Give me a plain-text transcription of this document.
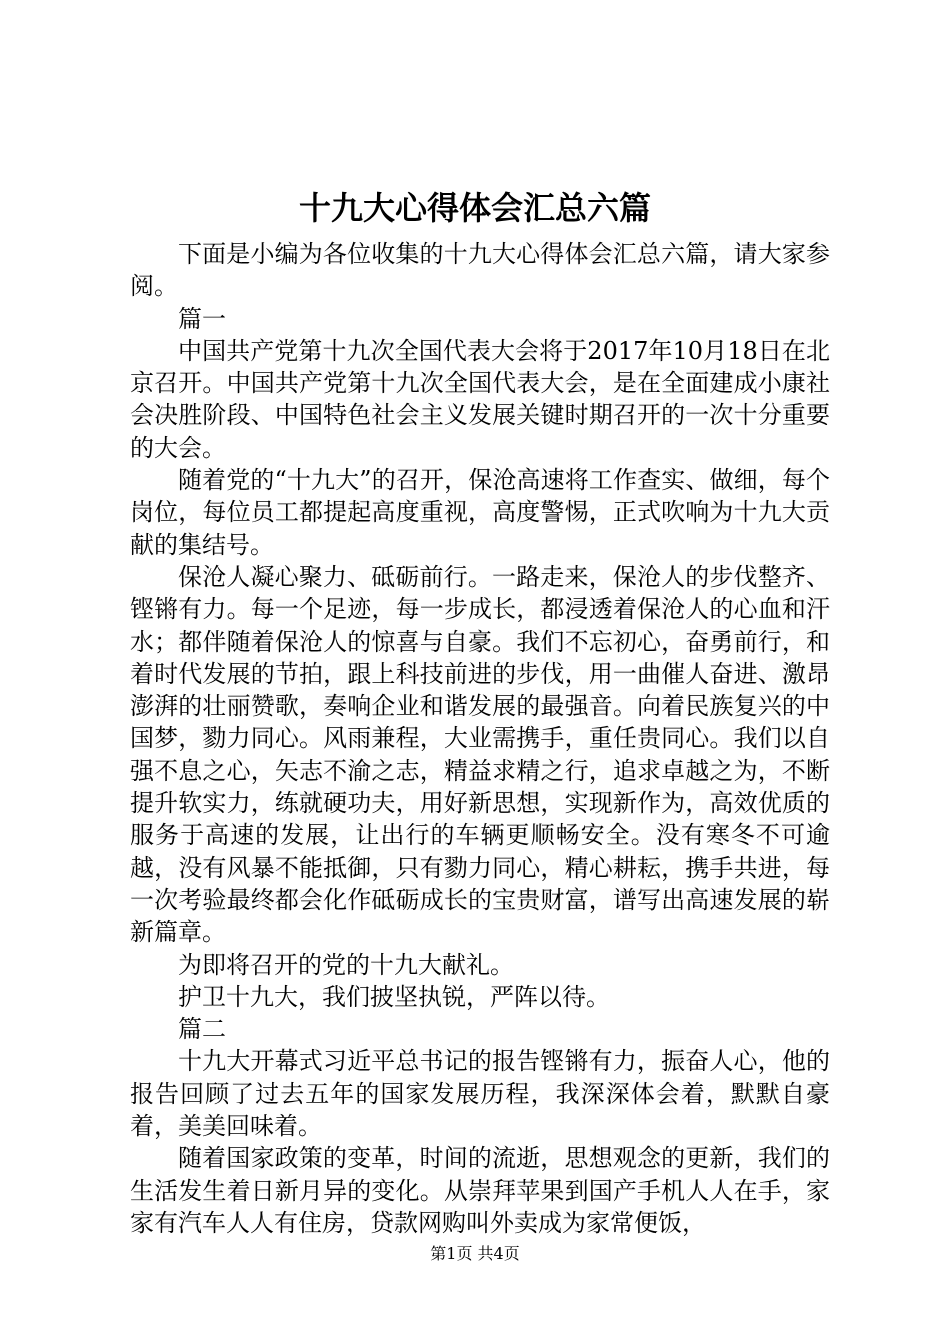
十九大心得体会汇总六篇

下面是小编为各位收集的十九大心得体会汇总六篇，请大家参阅。

篇一

中国共产党第十九次全国代表大会将于2017年10月18日在北京召开。中国共产党第十九次全国代表大会，是在全面建成小康社会决胜阶段、中国特色社会主义发展关键时期召开的一次十分重要的大会。

随着党的“十九大”的召开，保沧高速将工作查实、做细，每个岗位，每位员工都提起高度重视，高度警惕，正式吹响为十九大贡献的集结号。

保沧人凝心聚力、砥砺前行。一路走来，保沧人的步伐整齐、铿锵有力。每一个足迹，每一步成长，都浸透着保沧人的心血和汗水；都伴随着保沧人的惊喜与自豪。我们不忘初心，奋勇前行，和着时代发展的节拍，跟上科技前进的步伐，用一曲催人奋进、激昂澎湃的壮丽赞歌，奏响企业和谐发展的最强音。向着民族复兴的中国梦，勠力同心。风雨兼程，大业需携手，重任贵同心。我们以自强不息之心，矢志不渝之志，精益求精之行，追求卓越之为，不断提升软实力，练就硬功夫，用好新思想，实现新作为，高效优质的服务于高速的发展，让出行的车辆更顺畅安全。没有寒冬不可逾越，没有风暴不能抵御，只有勠力同心，精心耕耘，携手共进，每一次考验最终都会化作砥砺成长的宝贵财富，谱写出高速发展的崭新篇章。

为即将召开的党的十九大献礼。

护卫十九大，我们披坚执锐，严阵以待。

篇二

十九大开幕式习近平总书记的报告铿锵有力，振奋人心，他的报告回顾了过去五年的国家发展历程，我深深体会着，默默自豪着，美美回味着。

随着国家政策的变革，时间的流逝，思想观念的更新，我们的生活发生着日新月异的变化。从崇拜苹果到国产手机人人在手，家家有汽车人人有住房，贷款网购叫外卖成为家常便饭，

第1页 共4页
